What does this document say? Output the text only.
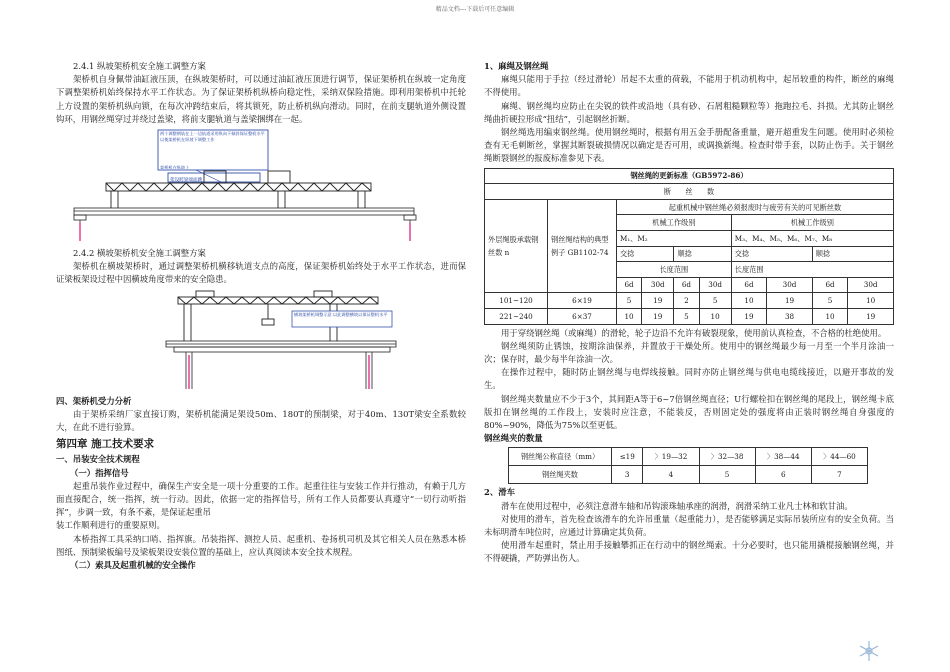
精品文档---下载后可任意编辑
2.4.1 纵坡架桥机安全施工调整方案

架桥机自身佩带油缸液压顶，在纵坡架桥时，可以通过油缸液压顶进行调节，保证架桥机在纵坡一定角度下调整架桥机始终保持水平工作状态。为了保证架桥机纵桥向稳定性，采纳双保险措施。即利用架桥机中托轮上方设置的架桥机纵向锁，在每次冲跨结束后，将其锁死，防止桥机纵向滑动。同时，在前支腿轨道外侧设置钩环，用钢丝绳穿过并绕过盖梁，将前支腿轨道与盖梁捆绑在一起。

两个调整钢轨在上一边轨道采用纵向下倾斜保证整机水平 以使架桥机在纵坡下调整工作
架桥机在纵坡上
架设跨梁端面跳
2.4.2 横坡架桥机安全施工调整方案

架桥机在横坡架桥时，通过调整架桥机横移轨道支点的高度，保证架桥机始终处于水平工作状态，进而保证梁板架设过程中因横坡角度带来的安全隐患。

横坡架桥机调整示意 以此调整横坡以保证整机水平
四、架桥机受力分析

由于架桥采纳厂家直接订购，架桥机能满足架设50m、180T的预制梁，对于40m、130T梁安全系数较大，在此不进行验算。

第四章 施工技术要求
一、吊装安全技术规程
（一）指挥信号

起重吊装作业过程中，确保生产安全是一项十分重要的工作。起重往往与安装工作并行推动，有赖于几方面直接配合，统一指挥，统一行动。因此，依据一定的指挥信号，所有工作人员都要认真遵守“一切行动听指挥”，步调一致，有条不紊，是保证起重吊

装工作顺利进行的重要原则。

本桥指挥工具采纳口哨、指挥旗。吊装指挥、测控人员、起重机、卷扬机司机及其它相关人员在熟悉本桥图纸、预制梁板编号及梁板架设安装位置的基础上，应认真阅读本安全技术规程。

（二）索具及起重机械的安全操作
1、麻绳及钢丝绳

麻绳只能用于手拉（经过滑轮）吊起不太重的荷载，不能用于机动机构中，起吊较重的构件，断丝的麻绳不得使用。

麻绳、钢丝绳均应防止在尖锐的铁件或沿地（具有砂、石屑粗糙颗粒等）拖跑拉毛、抖损。尤其防止钢丝绳曲折硬拉形成“扭结”，引起钢丝折断。

钢丝绳选用编束钢丝绳。使用钢丝绳时，根据有用五金手册配备重量，避开超重发生问题。使用时必须检查有无毛刺断丝，掌握其断裂破损情况以确定是否可用，或调换新绳。检查时带手套，以防止伤手。关于钢丝绳断裂钢丝的报废标准参见下表。

钢丝绳的更新标准（GB5972-86）									
断　　丝　　数									
外层绳股承载钢丝数 n	钢丝绳结构的典型例子 GB1102-74	起重机械中钢丝绳必须报废时与疲劳有关的可见断丝数							
		机械工作级别				机械工作级别			
		M₁、M₂				M₃、M₄、M₅、M₆、M₇、M₈			
		交捻		顺捻		交捻		顺捻	
		长度范围				长度范围			
		6d	30d	6d	30d	6d	30d	6d	30d
101~120	6×19	5	19	2	5	10	19	5	10
221~240	6×37	10	19	5	10	19	38	10	19

用于穿绕钢丝绳（或麻绳）的滑轮，轮子边沿不允许有破裂现象，使用前认真检查，不合格的杜绝使用。

钢丝绳须防止锈蚀，按期涂油保养，并置放于干燥处所。使用中的钢丝绳最少每一月至一个半月涂油一次；保存时，最少每半年涂油一次。

在操作过程中，随时防止钢丝绳与电焊线接触。同时亦防止钢丝绳与供电电缆线接近，以避开事故的发生。

钢丝绳夹数量应不少于3个，其间距A等于6~7倍钢丝绳直径；U行螺栓扣在钢丝绳的尾段上，钢丝绳卡底版扣在钢丝绳的工作段上，安装时应注意，不能装反，否则固定处的强度将由正装时钢丝绳自身强度的80%~90%，降低为75%以至更低。

钢丝绳夹的数量
钢丝绳公称直径（mm）	≤19	〉19—32	〉32—38	〉38—44	〉44—60
钢丝绳夹数	3	4	5	6	7
2、滑车

滑车在使用过程中，必须注意滑车轴和吊钩滚珠轴承座的润滑，润滑采纳工业凡士林和软甘油。

对使用的滑车，首先检查该滑车的允许吊重量（起重能力），是否能够满足实际吊装所应有的安全负荷。当未标明滑车吨位时，应通过计算确定其负荷。

使用滑车起重时，禁止用手接触攀抓正在行动中的钢丝绳索。十分必要时，也只能用撬棍接触钢丝绳，并不得硬撬，严防弹出伤人。
